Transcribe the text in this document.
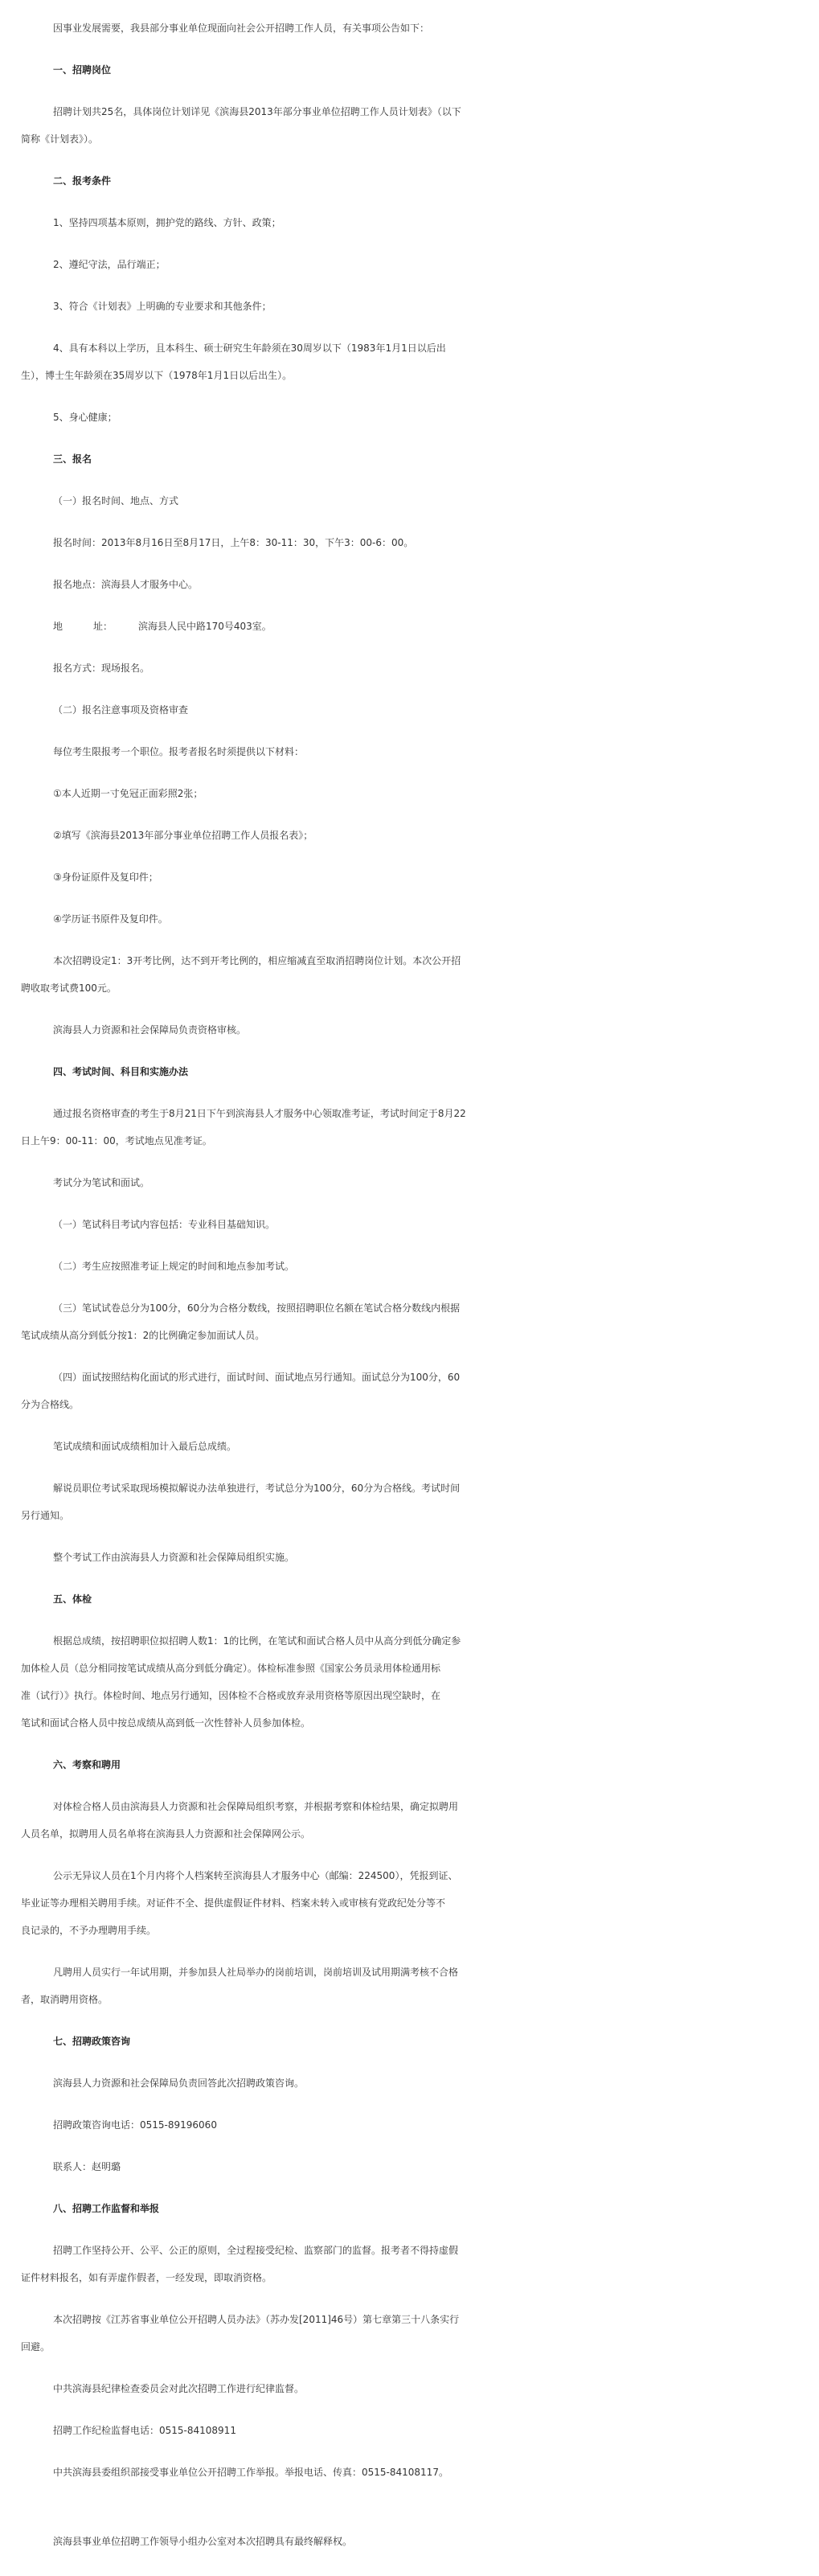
因事业发展需要，我县部分事业单位现面向社会公开招聘工作人员，有关事项公告如下：
一、招聘岗位
招聘计划共25名，具体岗位计划详见《滨海县2013年部分事业单位招聘工作人员计划表》（以下
简称《计划表》）。
二、报考条件
1、坚持四项基本原则，拥护党的路线、方针、政策；
2、遵纪守法，品行端正；
3、符合《计划表》上明确的专业要求和其他条件；
4、具有本科以上学历，且本科生、硕士研究生年龄须在30周岁以下（1983年1月1日以后出
生），博士生年龄须在35周岁以下（1978年1月1日以后出生）。
5、身心健康；
三、报名
（一）报名时间、地点、方式
报名时间：2013年8月16日至8月17日，上午8：30-11：30，下午3：00-6：00。
报名地点：滨海县人才服务中心。
地	址：	滨海县人民中路170号403室。
报名方式：现场报名。
（二）报名注意事项及资格审查
每位考生限报考一个职位。报考者报名时须提供以下材料：
①本人近期一寸免冠正面彩照2张；
②填写《滨海县2013年部分事业单位招聘工作人员报名表》；
③身份证原件及复印件；
④学历证书原件及复印件。
本次招聘设定1：3开考比例，达不到开考比例的，相应缩减直至取消招聘岗位计划。本次公开招
聘收取考试费100元。
滨海县人力资源和社会保障局负责资格审核。
四、考试时间、科目和实施办法
通过报名资格审查的考生于8月21日下午到滨海县人才服务中心领取准考证，考试时间定于8月22
日上午9：00-11：00，考试地点见准考证。
考试分为笔试和面试。
（一）笔试科目考试内容包括：专业科目基础知识。
（二）考生应按照准考证上规定的时间和地点参加考试。
（三）笔试试卷总分为100分，60分为合格分数线，按照招聘职位名额在笔试合格分数线内根据
笔试成绩从高分到低分按1：2的比例确定参加面试人员。
（四）面试按照结构化面试的形式进行，面试时间、面试地点另行通知。面试总分为100分，60
分为合格线。
笔试成绩和面试成绩相加计入最后总成绩。
解说员职位考试采取现场模拟解说办法单独进行，考试总分为100分，60分为合格线。考试时间
另行通知。
整个考试工作由滨海县人力资源和社会保障局组织实施。
五、体检
根据总成绩，按招聘职位拟招聘人数1：1的比例，在笔试和面试合格人员中从高分到低分确定参
加体检人员（总分相同按笔试成绩从高分到低分确定）。体检标准参照《国家公务员录用体检通用标
准（试行）》执行。体检时间、地点另行通知，因体检不合格或放弃录用资格等原因出现空缺时，在
笔试和面试合格人员中按总成绩从高到低一次性替补人员参加体检。
六、考察和聘用
对体检合格人员由滨海县人力资源和社会保障局组织考察，并根据考察和体检结果，确定拟聘用
人员名单，拟聘用人员名单将在滨海县人力资源和社会保障网公示。
公示无异议人员在1个月内将个人档案转至滨海县人才服务中心（邮编：224500），凭报到证、
毕业证等办理相关聘用手续。对证件不全、提供虚假证件材料、档案未转入或审核有党政纪处分等不
良记录的，不予办理聘用手续。
凡聘用人员实行一年试用期，并参加县人社局举办的岗前培训，岗前培训及试用期满考核不合格
者，取消聘用资格。
七、招聘政策咨询
滨海县人力资源和社会保障局负责回答此次招聘政策咨询。
招聘政策咨询电话：0515-89196060
联系人：赵明璐
八、招聘工作监督和举报
招聘工作坚持公开、公平、公正的原则，全过程接受纪检、监察部门的监督。报考者不得持虚假
证件材料报名，如有弄虚作假者，一经发现，即取消资格。
本次招聘按《江苏省事业单位公开招聘人员办法》（苏办发[2011]46号）第七章第三十八条实行
回避。
中共滨海县纪律检查委员会对此次招聘工作进行纪律监督。
招聘工作纪检监督电话：0515-84108911
中共滨海县委组织部接受事业单位公开招聘工作举报。举报电话、传真：0515-84108117。
滨海县事业单位招聘工作领导小组办公室对本次招聘具有最终解释权。
